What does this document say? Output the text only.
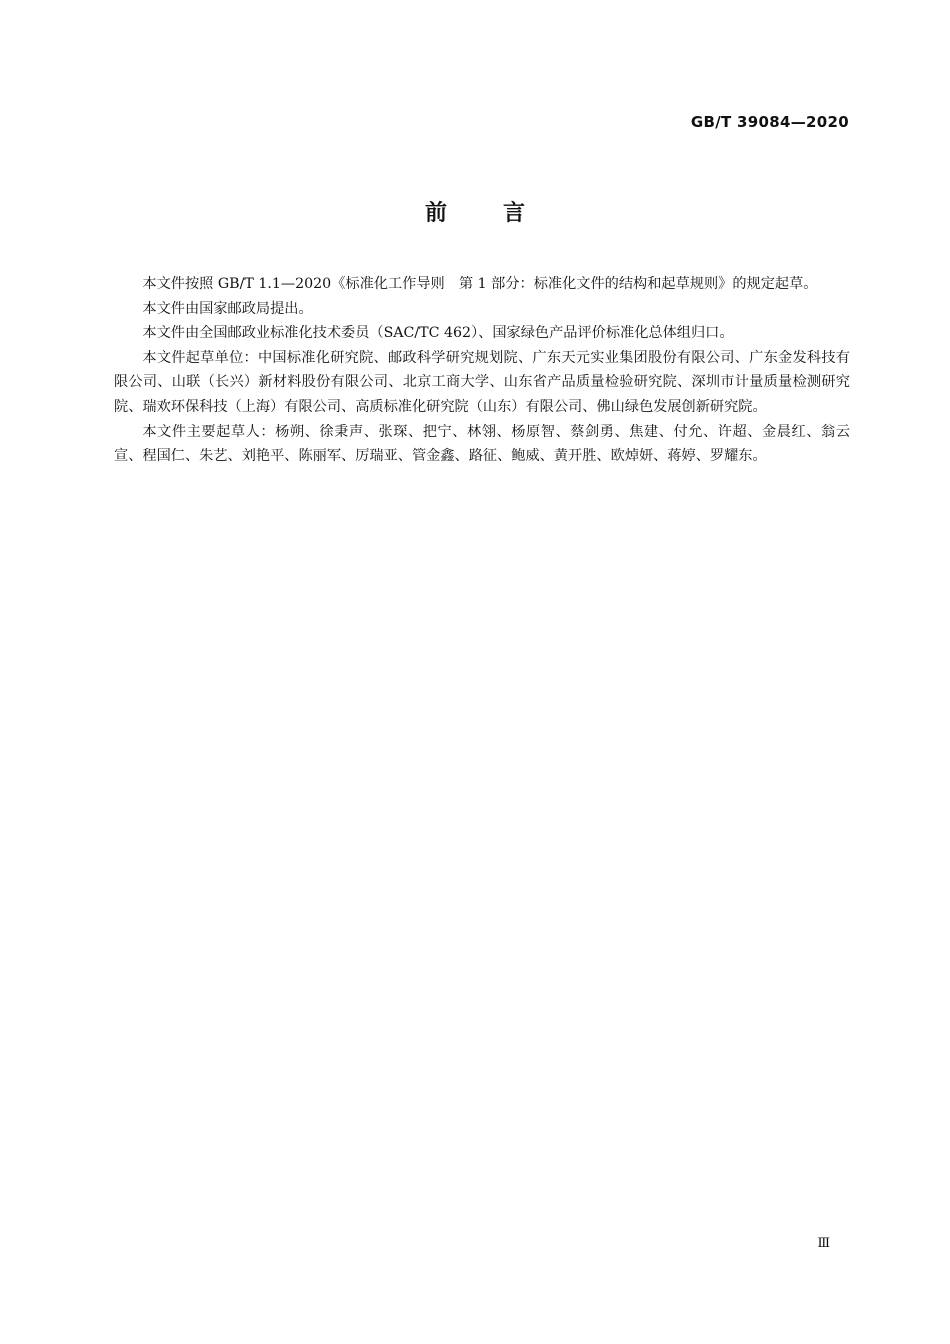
GB/T 39084—2020
前言

本文件按照 GB/T 1.1—2020《标准化工作导则　第 1 部分：标准化文件的结构和起草规则》的规定起草。

本文件由国家邮政局提出。

本文件由全国邮政业标准化技术委员（SAC/TC 462）、国家绿色产品评价标准化总体组归口。

本文件起草单位：中国标准化研究院、邮政科学研究规划院、广东天元实业集团股份有限公司、广东金发科技有限公司、山联（长兴）新材料股份有限公司、北京工商大学、山东省产品质量检验研究院、深圳市计量质量检测研究院、瑞欢环保科技（上海）有限公司、高质标准化研究院（山东）有限公司、佛山绿色发展创新研究院。

本文件主要起草人：杨朔、徐秉声、张琛、把宁、林翎、杨原智、蔡剑勇、焦建、付允、许超、金晨红、翁云宣、程国仁、朱艺、刘艳平、陈丽军、厉瑞亚、管金鑫、路征、鲍威、黄开胜、欧焯妍、蒋婷、罗耀东。

Ⅲ
